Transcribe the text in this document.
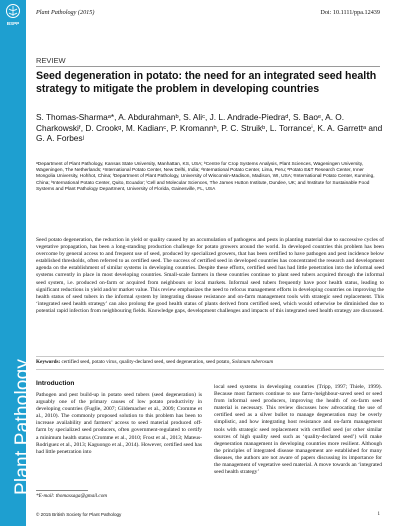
BSPP
Plant Pathology
Plant Pathology (2015)	Doi: 10.1111/ppa.12439
REVIEW
Seed degeneration in potato: the need for an integrated seed health strategy to mitigate the problem in developing countries

S. Thomas-Sharmaᵃ*, A. Abdurahmanᵇ, S. Aliᶜ, J. L. Andrade-Piedraᵈ, S. Baoᵉ, A. O. Charkowskiᶠ, D. Crookᵍ, M. Kadianᶜ, P. Kromannʰ, P. C. Struikᵇ, L. Torranceⁱ, K. A. Garrettᵃ and G. A. Forbesʲ

ᵃDepartment of Plant Pathology, Kansas State University, Manhattan, KS, USA; ᵇCentre for Crop Systems Analysis, Plant Sciences, Wageningen University, Wageningen, The Netherlands; ᶜInternational Potato Center, New Delhi, India; ᵈInternational Potato Center, Lima, Peru; ᵉPotato E&T Research Center, Inner Mongolia University, Hohhot, China; ᶠDepartment of Plant Pathology, University of Wisconsin-Madison, Madison, WI, USA; ᵍInternational Potato Center, Kunming, China; ʰInternational Potato Center, Quito, Ecuador; ⁱCell and Molecular Sciences, The James Hutton Institute, Dundee, UK; and ʲInstitute for Sustainable Food Systems and Plant Pathology Department, University of Florida, Gainesville, FL, USA

Seed potato degeneration, the reduction in yield or quality caused by an accumulation of pathogens and pests in planting material due to successive cycles of vegetative propagation, has been a long-standing production challenge for potato growers around the world. In developed countries this problem has been overcome by general access to and frequent use of seed, produced by specialized growers, that has been certified to have pathogen and pest incidence below established thresholds, often referred to as certified seed. The success of certified seed in developed countries has concentrated the research and development agenda on the establishment of similar systems in developing countries. Despite these efforts, certified seed has had little penetration into the informal seed systems currently in place in most developing countries. Small-scale farmers in these countries continue to plant seed tubers acquired through the informal seed system, i.e. produced on-farm or acquired from neighbours or local markets. Informal seed tubers frequently have poor health status, leading to significant reductions in yield and/or market value. This review emphasizes the need to refocus management efforts in developing countries on improving the health status of seed tubers in the informal system by integrating disease resistance and on-farm management tools with strategic seed replacement. This ‘integrated seed health strategy’ can also prolong the good health status of plants derived from certified seed, which would otherwise be diminished due to potential rapid infection from neighbouring fields. Knowledge gaps, development challenges and impacts of this integrated seed health strategy are discussed.

Keywords: certified seed, potato virus, quality-declared seed, seed degeneration, seed potato, Solanum tuberosum
Introduction

Pathogen and pest build-up in potato seed tubers (seed degeneration) is arguably one of the primary causes of low potato productivity in developing countries (Fuglie, 2007; Gildemacher et al., 2009; Cromme et al., 2010). The commonly proposed solution to this problem has been to increase availability and farmers’ access to seed material produced off-farm by specialized seed producers, often government-regulated to certify a minimum health status (Cromme et al., 2010; Frost et al., 2013; Mateus-Rodriguez et al., 2013; Kaguongo et al., 2014). However, certified seed has had little penetration into

local seed systems in developing countries (Tripp, 1997; Thiele, 1999). Because most farmers continue to use farm-/neighbour-saved seed or seed from informal seed producers, improving the health of on-farm seed material is necessary. This review discusses how advocating the use of certified seed as a silver bullet to manage degeneration may be overly simplistic, and how integrating host resistance and on-farm management tools with strategic seed replacement with certified seed (or other similar sources of high quality seed such as ‘quality-declared seed’) will make degeneration management in developing countries more resilient. Although the principles of integrated disease management are established for many diseases, the authors are not aware of papers discussing its importance for the management of vegetative seed material. A move towards an ‘integrated seed health strategy’

*E-mail: thomassaga@gmail.com
© 2015 British Society for Plant Pathology	1
